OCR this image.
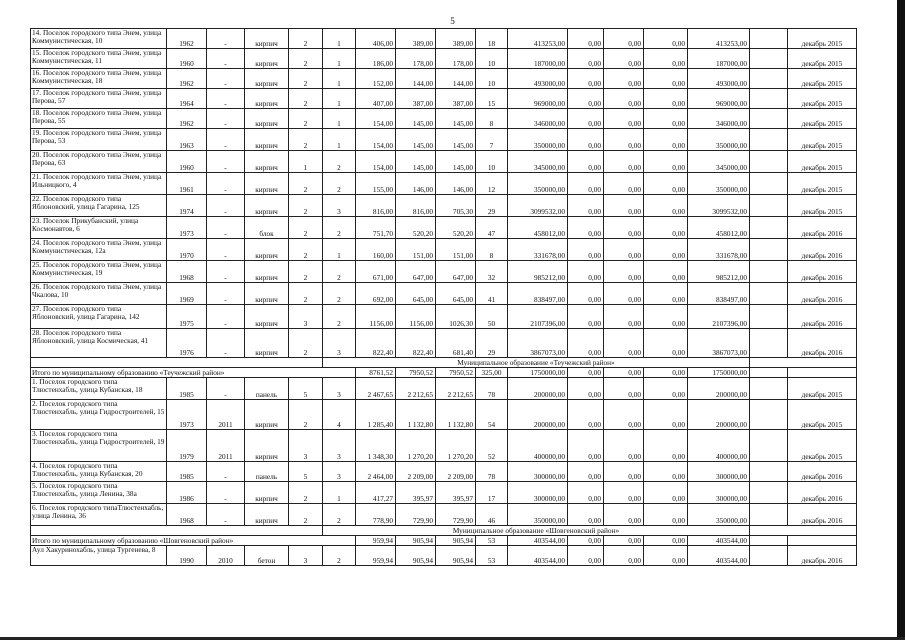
5
14. Поселок городского типа Энем, улица Коммунистическая, 10	1962	-	кирпич	2	1	406,00	389,00	389,00	18	413253,00	0,00	0,00	0,00	413253,00		декабрь 2015
15. Поселок городского типа Энем, улица Коммунистическая, 11	1960	-	кирпич	2	1	186,00	178,00	178,00	10	187000,00	0,00	0,00	0,00	187000,00		декабрь 2015
16. Поселок городского типа Энем, улица Коммунистическая, 18	1962	-	кирпич	2	1	152,00	144,00	144,00	10	493000,00	0,00	0,00	0,00	493000,00		декабрь 2015
17. Поселок городского типа Энем, улица Перова, 57	1964	-	кирпич	2	1	407,00	387,00	387,00	15	969000,00	0,00	0,00	0,00	969000,00		декабрь 2015
18. Поселок городского типа Энем, улица Перова, 55	1962	-	кирпич	2	1	154,00	145,00	145,00	8	346000,00	0,00	0,00	0,00	346000,00		декабрь 2015
19. Поселок городского типа Энем, улица Перова, 53	1963	-	кирпич	2	1	154,00	145,00	145,00	7	350000,00	0,00	0,00	0,00	350000,00		декабрь 2015
20. Поселок городского типа Энем, улица Перова, 63	1960	-	кирпич	1	2	154,00	145,00	145,00	10	345000,00	0,00	0,00	0,00	345000,00		декабрь 2015
21. Поселок городского типа Энем, улица Ильницкого, 4	1961	-	кирпич	2	2	155,00	146,00	146,00	12	350000,00	0,00	0,00	0,00	350000,00		декабрь 2015
22. Поселок городского типа Яблоновский, улица Гагарина, 125	1974	-	кирпич	2	3	816,00	816,00	705,30	29	3099532,00	0,00	0,00	0,00	3099532,00		декабрь 2015
23. Поселок Прикубанский, улица Космонавтов, 6	1973	-	блок	2	2	751,70	520,20	520,20	47	458012,00	0,00	0,00	0,00	458012,00		декабрь 2016
24. Поселок городского типа Энем, улица Коммунистическая, 12а	1970	-	кирпич	2	1	160,00	151,00	151,00	8	331678,00	0,00	0,00	0,00	331678,00		декабрь 2016
25. Поселок городского типа Энем, улица Коммунистическая, 19	1968	-	кирпич	2	2	671,00	647,00	647,00	32	985212,00	0,00	0,00	0,00	985212,00		декабрь 2016
26. Поселок городского типа Энем, улица Чкалова, 10	1969	-	кирпич	2	2	692,00	645,00	645,00	41	838497,00	0,00	0,00	0,00	838497,00		декабрь 2016
27. Поселок городского типа Яблоновский, улица Гагарина, 142	1975	-	кирпич	3	2	1156,00	1156,00	1026,30	50	2107396,00	0,00	0,00	0,00	2107396,00		декабрь 2016
28. Поселок городского типа Яблоновский, улица Космическая, 41	1976	-	кирпич	2	3	822,40	822,40	681,40	29	3867073,00	0,00	0,00	0,00	3867073,00		декабрь 2016
					Муниципальное образование «Теучежский район»											
Итого по муниципальному образованию «Теучежский район»						8761,52	7950,52	7950,52	325,00	1750000,00	0,00	0,00	0,00	1750000,00		
1. Поселок городского типа Тлюстенхабль, улица Кубанская, 18	1985	-	панель	5	3	2 467,65	2 212,65	2 212,65	78	200000,00	0,00	0,00	0,00	200000,00		декабрь 2015
2. Поселок городского типа Тлюстенхабль, улица Гидростроителей, 15	1973	2011	кирпич	2	4	1 285,40	1 132,80	1 132,80	54	200000,00	0,00	0,00	0,00	200000,00		декабрь 2015
3. Поселок городского типа Тлюстенхабль, улица Гидростроителей, 19	1979	2011	кирпич	3	3	1 348,30	1 270,20	1 270,20	52	400000,00	0,00	0,00	0,00	400000,00		декабрь 2015
4. Поселок городского типа Тлюстенхабль, улица Кубанская, 20	1985	-	панель	5	3	2 464,00	2 209,00	2 209,00	78	300000,00	0,00	0,00	0,00	300000,00		декабрь 2016
5. Поселок городского типа Тлюстенхабль, улица Ленина, 38а	1986	-	кирпич	2	1	417,27	395,97	395,97	17	300000,00	0,00	0,00	0,00	300000,00		декабрь 2016
6. Поселок городского типаТлюстенхабль, улица Ленина, 36	1968	-	кирпич	2	2	778,90	729,90	729,90	46	350000,00	0,00	0,00	0,00	350000,00		декабрь 2016
					Муниципальное образование «Шовгеновский район»											
Итого по муниципальному образованию «Шовгеновский район»						959,94	905,94	905,94	53	403544,00	0,00	0,00	0,00	403544,00		
Аул Хакуринохабль, улица Тургенева, 8	1990	2010	бетон	3	2	959,94	905,94	905,94	53	403544,00	0,00	0,00	0,00	403544,00		декабрь 2016
